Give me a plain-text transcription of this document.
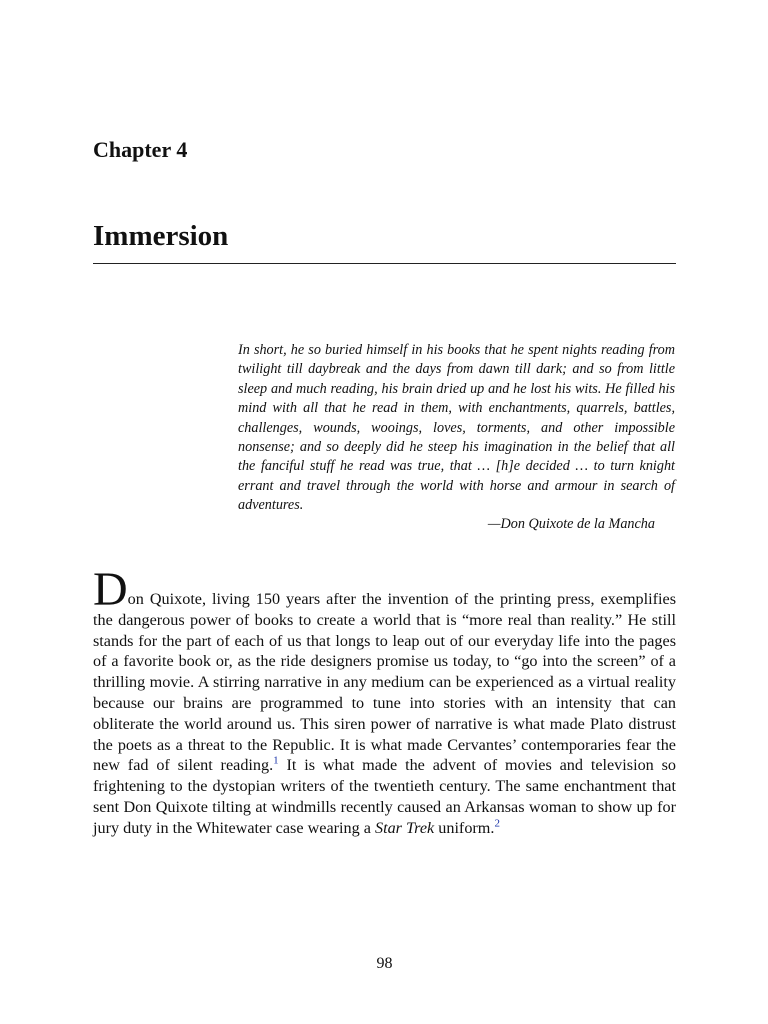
Chapter 4
Immersion

In short, he so buried himself in his books that he spent nights reading from twilight till daybreak and the days from dawn till dark; and so from little sleep and much reading, his brain dried up and he lost his wits. He filled his mind with all that he read in them, with enchantments, quarrels, battles, challenges, wounds, wooings, loves, torments, and other impossible nonsense; and so deeply did he steep his imagination in the belief that all the fanciful stuff he read was true, that … [h]e decided … to turn knight errant and travel through the world with horse and armour in search of adventures.

—Don Quixote de la Mancha

Don Quixote, living 150 years after the invention of the printing press, exemplifies the dangerous power of books to create a world that is “more real than reality.” He still stands for the part of each of us that longs to leap out of our everyday life into the pages of a favorite book or, as the ride designers promise us today, to “go into the screen” of a thrilling movie. A stirring narrative in any medium can be experienced as a virtual reality because our brains are programmed to tune into stories with an intensity that can obliterate the world around us. This siren power of narrative is what made Plato distrust the poets as a threat to the Republic. It is what made Cervantes’ contemporaries fear the new fad of silent reading.$^1$ It is what made the advent of movies and television so frightening to the dystopian writers of the twentieth century. The same enchantment that sent Don Quixote tilting at windmills recently caused an Arkansas woman to show up for jury duty in the Whitewater case wearing a Star Trek uniform.$^2$

98
